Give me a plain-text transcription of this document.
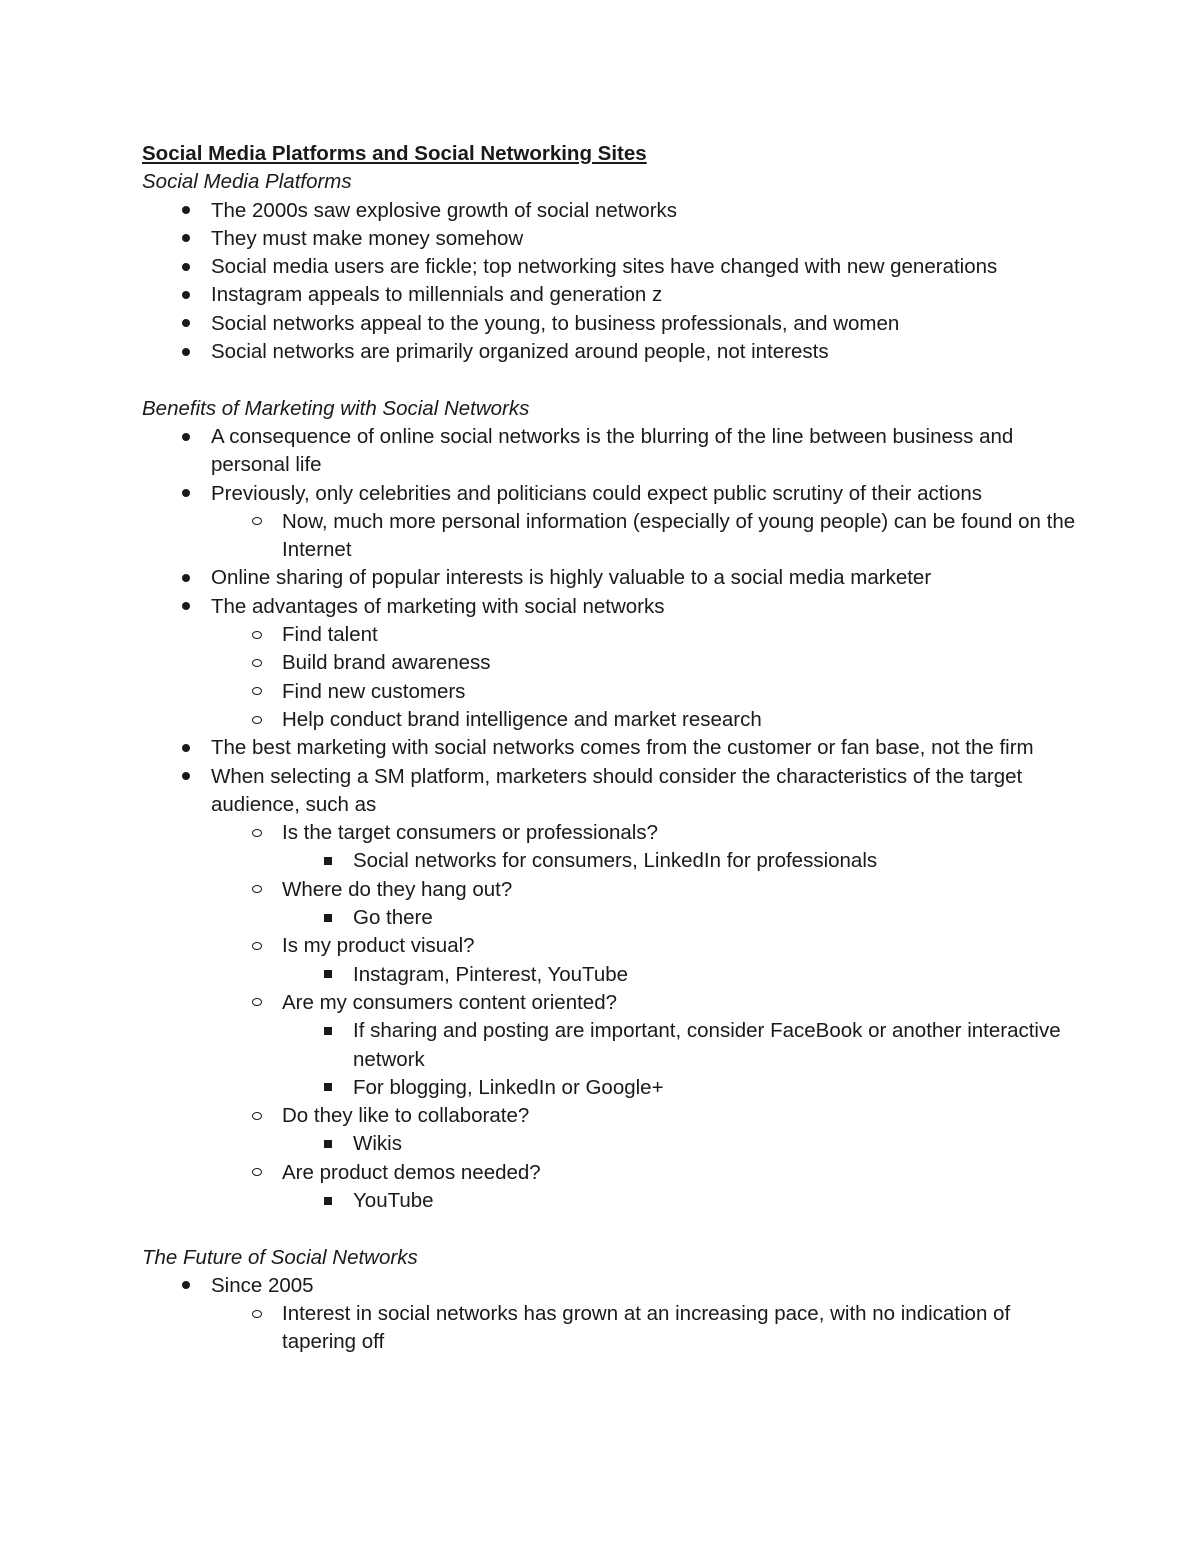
Social Media Platforms and Social Networking Sites

Social Media Platforms

The 2000s saw explosive growth of social networks
They must make money somehow
Social media users are fickle; top networking sites have changed with new generations
Instagram appeals to millennials and generation z
Social networks appeal to the young, to business professionals, and women
Social networks are primarily organized around people, not interests

Benefits of Marketing with Social Networks

A consequence of online social networks is the blurring of the line between business and personal life
Previously, only celebrities and politicians could expect public scrutiny of their actions
Now, much more personal information (especially of young people) can be found on the Internet
Online sharing of popular interests is highly valuable to a social media marketer
The advantages of marketing with social networks
Find talent
Build brand awareness
Find new customers
Help conduct brand intelligence and market research
The best marketing with social networks comes from the customer or fan base, not the firm
When selecting a SM platform, marketers should consider the characteristics of the target audience, such as
Is the target consumers or professionals?
Social networks for consumers, LinkedIn for professionals
Where do they hang out?
Go there
Is my product visual?
Instagram, Pinterest, YouTube
Are my consumers content oriented?
If sharing and posting are important, consider FaceBook or another interactive network
For blogging, LinkedIn or Google+
Do they like to collaborate?
Wikis
Are product demos needed?
YouTube

The Future of Social Networks

Since 2005
Interest in social networks has grown at an increasing pace, with no indication of tapering off
